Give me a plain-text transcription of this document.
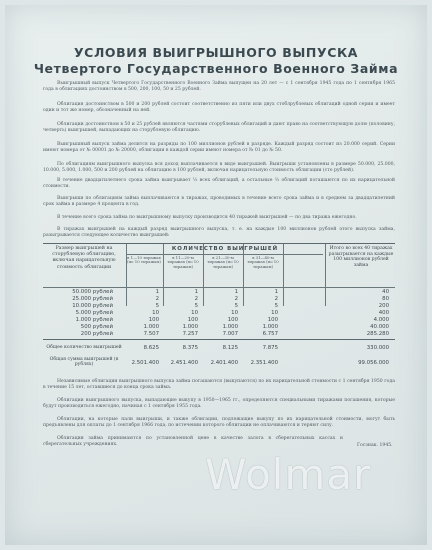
УСЛОВИЯ ВЫИГРЫШНОГО ВЫПУСКА
Четвертого Государственного Военного Займа
Выигрышный выпуск Четвертого Государственного Военного Займа выпущен на 20 лет — с 1 сентября 1945 года по 1 сентября 1965 года в облигациях достоинством в 500, 200, 100, 50 и 25 рублей.
Облигация достоинством в 500 и 200 рублей состоит соответственно из пяти или двух стоблрублевых облигаций одной серии и имеет один и тот же номер, обозначенный на ней.
Облигации достоинством в 50 и 25 рублей являются частями сторублевых облигаций и дают право на соответствующую долю (половину, четверть) выигрышей, выпадающих на сторублевую облигацию.
Выигрышный выпуск займа делится на разряды по 100 миллионов рублей в разряде. Каждый разряд состоит из 20.000 серий. Серии имеют номера от № 00001 до № 20000, облигации в каждой серии имеют номера от № 01 до № 50.
По облигациям выигрышного выпуска вся доход выплачивается в виде выигрышей. Выигрыши установлены в размере 50.000, 25.000, 10.000, 5.000, 1.000, 500 и 200 рублей на облигацию в 100 рублей, включая нарицательную стоимость облигации (сто рублей).
В течение двадцатилетнего срока займа выигрывает ⅓ всех облигаций, а остальные ⅔ облигаций погашаются по их нарицательной стоимости.
Выигрыши по облигациям займа выплачиваются в тиражах, проводимых в течение всего срока займа и в среднем за двадцатилетний срок займа в размере 4 процента в год.
В течение всего срока займа по выигрышному выпуску производится 40 тиражей выигрышей — по два тиража ежегодно.
В тиражах выигрышей на каждый разряд выигрышного выпуска, т. е. на каждые 100 миллионов рублей этого выпуска займа, разыгрывается следующее количество выигрышей:
Размер выигрышей на сторублевую облигацию, включая нарицательную стоимость облигации
КОЛИЧЕСТВО ВЫИГРЫШЕЙ
в 1—10 тиражах (по 10 тиражам)
в 11—20-м тиражах (по 10 тиражам)
в 21—30-м тиражах (по 10 тиражам)
в 31—40-м тиражах (по 10 тиражам)
Итого во всех 40 тиражах разыгрывается на каждые 100 миллионов рублей займа
50.000 рублей	1	1	1	1	40
25.000 рублей	2	2	2	2	80
10.000 рублей	5	5	5	5	200
5.000 рублей	10	10	10	10	400
1.000 рублей	100	100	100	100	4.000
500 рублей	1.000	1.000	1.000	1.000	40.000
200 рублей	7.507	7.257	7.007	6.757	285.280
Общее количество выигрышей	8.625	8.375	8.125	7.875	330.000
Общая сумма выигрышей (в рублях)	2.501.400	2.451.400	2.401.400	2.351.400	99.056.000
Независимые облигации выигрышного выпуска займа погашаются (выкупаются) по их нарицательной стоимости с 1 сентября 1950 года в течение 15 лет, оставшиеся до конца срока займа.
Облигации выигрышного выпуска, выпадающие выкупу в 1950—1965 гг., определяются специальными тиражами погашения, которые будут производиться ежегодно, начиная с 1 сентября 1955 года.
Облигации, на которые пали выигрыши, и также облигации, подлежащие выкупу по их нарицательной стоимости, могут быть предъявлены для оплаты до 1 сентября 1966 года, по истечении которого облигации не оплачиваются и теряют силу.
Облигации займа принимаются по установленной цене в качестве залога в сберегательных кассах и сберегательных учреждениях.	Госзнак. 1945.
Wolmar
